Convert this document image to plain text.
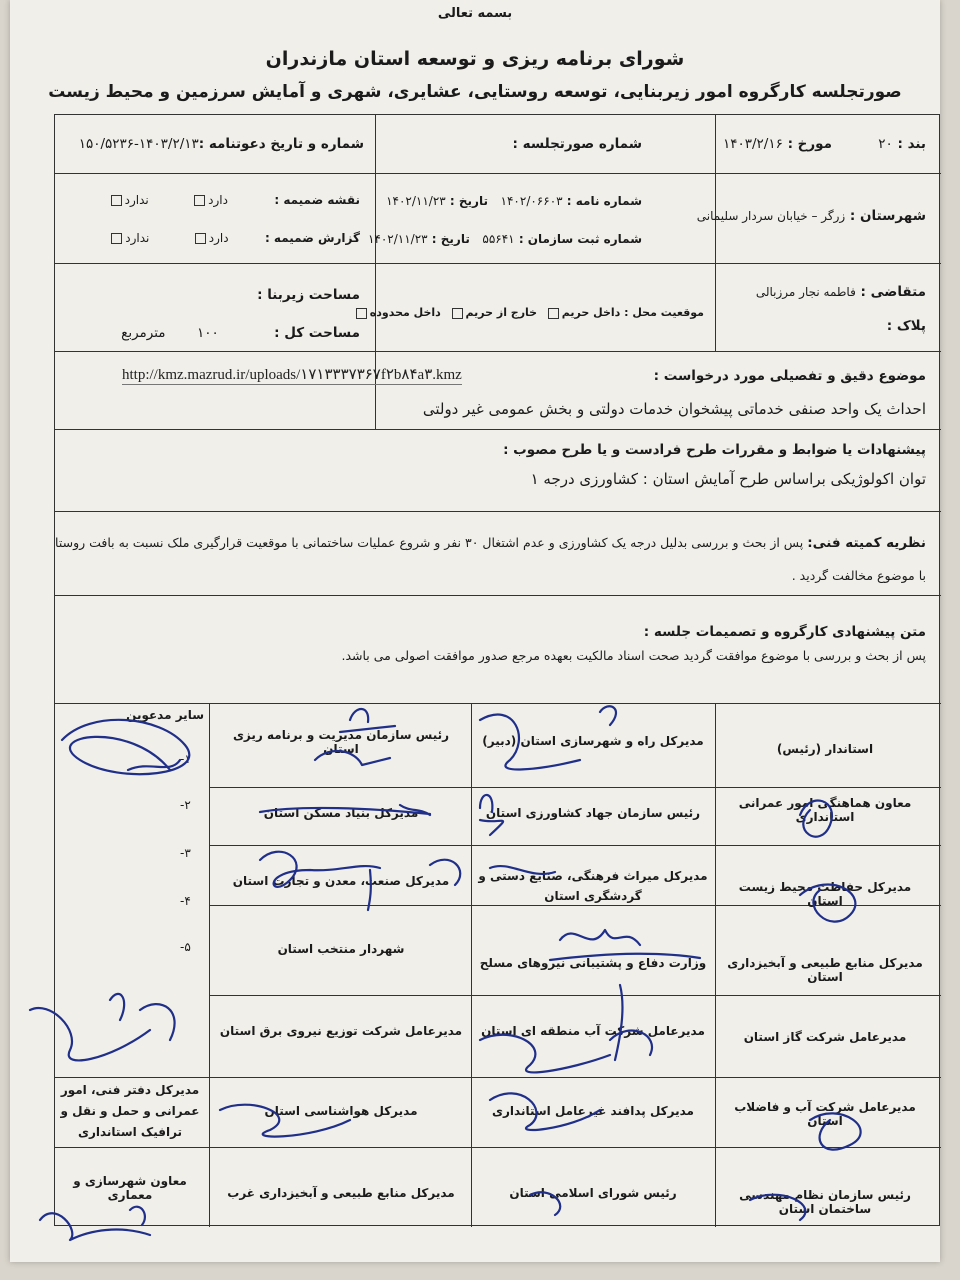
بسمه تعالی
شورای برنامه ریزی و توسعه استان مازندران
صورتجلسه کارگروه امور زیربنایی، توسعه روستایی، عشایری، شهری و آمایش سرزمین و محیط زیست
بند : ۲۰
مورخ : ۱۴۰۳/۲/۱۶
شماره صورتجلسه :
شماره و تاریخ دعوتنامه :۱۴۰۳/۲/۱۳-۱۵۰/۵۲۳۶
شهرستان : زرگر – خیابان سردار سلیمانی
شماره نامه : ۱۴۰۲/۰۶۶۰۳   تاریخ : ۱۴۰۲/۱۱/۲۳
شماره ثبت سازمان : ۵۵۶۴۱   تاریخ : ۱۴۰۲/۱۱/۲۳
نقشه ضمیمه :  دارد  ندارد
گزارش ضمیمه :  دارد  ندارد
متقاضی : فاطمه نجار مرزبالی
پلاک :
موقعیت محل : داخل حریم  خارج از حریم  داخل محدوده
مساحت زیربنا :
مساحت کل :  ۱۰۰  مترمربع
موضوع دقیق و تفصیلی مورد درخواست :
http://kmz.mazrud.ir/uploads/۱۷۱۳۳۳۷۳۶۷f۲b۸۴a۳.kmz
احداث یک واحد صنفی خدماتی پیشخوان خدمات دولتی و بخش عمومی غیر دولتی
پیشنهادات یا ضوابط و مقررات طرح فرادست و یا طرح مصوب :
توان اکولوژیکی براساس طرح آمایش استان : کشاورزی درجه ۱
نظریه کمیته فنی: پس از بحث و بررسی بدلیل درجه یک کشاورزی و عدم اشتغال ۳۰ نفر و شروع عملیات ساختمانی با موقعیت قرارگیری ملک نسبت به بافت روستا
با موضوع مخالفت گردید .
متن پیشنهادی کارگروه و تصمیمات جلسه :
پس از بحث و بررسی با موضوع موافقت گردید صحت اسناد مالکیت بعهده مرجع صدور موافقت اصولی می باشد.
استاندار (رئیس)
معاون هماهنگی امور عمرانی استانداری
مدیرکل حفاظت محیط زیست استان
مدیرکل منابع طبیعی و آبخیزداری استان
مدیرعامل شرکت گاز استان
مدیرعامل شرکت آب و فاضلاب استان
رئیس سازمان نظام مهندسی ساختمان استان
مدیرکل راه و شهرسازی استان (دبیر)
رئیس سازمان جهاد کشاورزی استان
مدیرکل میراث فرهنگی، صنایع دستی و گردشگری استان
وزارت دفاع و پشتیبانی نیروهای مسلح
مدیرعامل شرکت آب منطقه ای استان
مدیرکل پدافند غیرعامل استانداری
رئیس شورای اسلامی استان
رئیس سازمان مدیریت و برنامه ریزی استان
مدیرکل بنیاد مسکن استان
مدیرکل صنعت، معدن و تجارت استان
شهردار منتخب استان
مدیرعامل شرکت توزیع نیروی برق استان
مدیرکل هواشناسی استان
مدیرکل منابع طبیعی و آبخیزداری غرب
سایر مدعوین
-۱
-۲
-۳
-۴
-۵
مدیرکل دفتر فنی، امور عمرانی و حمل و نقل و ترافیک استانداری
معاون شهرسازی و معماری
